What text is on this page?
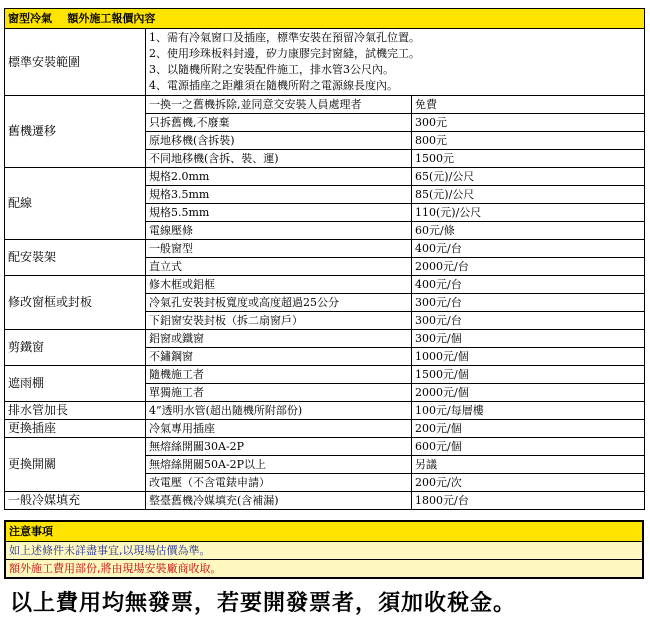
窗型冷氣 額外施工報價內容		
標準安裝範圍	1、需有冷氣窗口及插座，標準安裝在預留冷氣孔位置。
2、使用珍珠板料封邊，矽力康膠完封窗縫，試機完工。
3、以隨機所附之安裝配件施工，排水管3公尺內。
4、電源插座之距離須在隨機所附之電源線長度內。	

舊機遷移	一換一之舊機拆除,並同意交安裝人員處理者	免費
	只拆舊機,不廢棄	300元
	原地移機(含拆裝)	800元
	不同地移機(含拆、裝、運)	1500元
配線	規格2.0mm	65(元)/公尺
	規格3.5mm	85(元)/公尺
	規格5.5mm	110(元)/公尺
	電線壓條	60元/條
配安裝架	一般窗型	400元/台
	直立式	2000元/台
修改窗框或封板	修木框或鋁框	400元/台
	冷氣孔安裝封板寬度或高度超過25公分	300元/台
	下鋁窗安裝封板（拆二扇窗戶）	300元/台
剪鐵窗	鋁窗或鐵窗	300元/個
	不鏽鋼窗	1000元/個
遮雨棚	隨機施工者	1500元/個
	單獨施工者	2000元/個
排水管加長	4”透明水管(超出隨機所附部份)	100元/每層樓
更換插座	冷氣專用插座	200元/個
更換開關	無熔絲開關30A-2P	600元/個
	無熔絲開關50A-2P以上	另議
	改電壓（不含電錶申請）	200元/次
一般冷媒填充	整臺舊機冷媒填充(含補漏)	1800元/台
注意事項
如上述條件未詳盡事宜,以現場估價為準。
額外施工費用部份,將由現場安裝廠商收取。
以上費用均無發票，若要開發票者，須加收稅金。
